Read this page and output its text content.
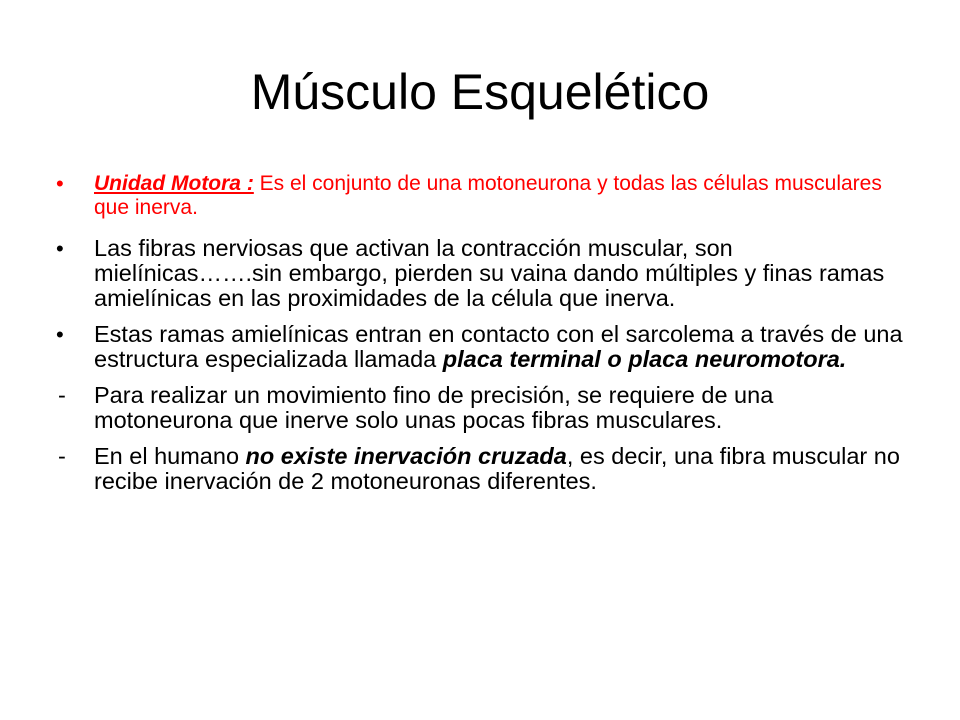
Músculo Esquelético
•	Unidad Motora : Es el conjunto de una motoneurona y todas las células musculares que inerva.
•	Las fibras nerviosas que activan la contracción muscular, son mielínicas…….sin embargo, pierden su vaina dando múltiples y finas ramas amielínicas en las proximidades de la célula que inerva.
•	Estas ramas amielínicas entran en contacto con el sarcolema a través de una estructura especializada llamada placa terminal o placa neuromotora.
-	Para realizar un movimiento fino de precisión, se requiere de una motoneurona que inerve solo unas pocas fibras musculares.
-	En el humano no existe inervación cruzada, es decir, una fibra muscular no recibe inervación de 2 motoneuronas diferentes.
